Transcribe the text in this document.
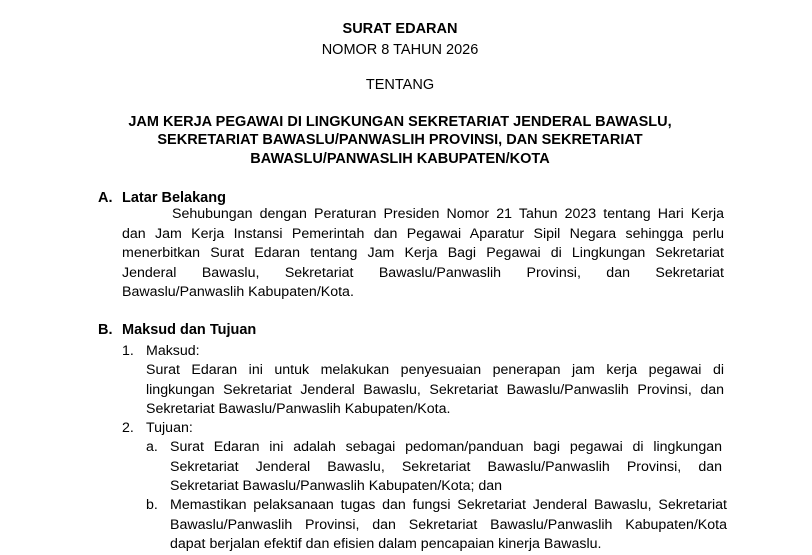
SURAT EDARAN
NOMOR 8 TAHUN 2026
TENTANG
JAM KERJA PEGAWAI DI LINGKUNGAN SEKRETARIAT JENDERAL BAWASLU,
SEKRETARIAT BAWASLU/PANWASLIH PROVINSI, DAN SEKRETARIAT
BAWASLU/PANWASLIH KABUPATEN/KOTA
A. Latar Belakang
Sehubungan dengan Peraturan Presiden Nomor 21 Tahun 2023 tentang Hari Kerja
dan Jam Kerja Instansi Pemerintah dan Pegawai Aparatur Sipil Negara sehingga perlu
menerbitkan Surat Edaran tentang Jam Kerja Bagi Pegawai di Lingkungan Sekretariat
Jenderal Bawaslu, Sekretariat Bawaslu/Panwaslih Provinsi, dan Sekretariat
Bawaslu/Panwaslih Kabupaten/Kota.
B. Maksud dan Tujuan
1. Maksud:
Surat Edaran ini untuk melakukan penyesuaian penerapan jam kerja pegawai di
lingkungan Sekretariat Jenderal Bawaslu, Sekretariat Bawaslu/Panwaslih Provinsi, dan
Sekretariat Bawaslu/Panwaslih Kabupaten/Kota.
2. Tujuan:
a. Surat Edaran ini adalah sebagai pedoman/panduan bagi pegawai di lingkungan
Sekretariat Jenderal Bawaslu, Sekretariat Bawaslu/Panwaslih Provinsi, dan
Sekretariat Bawaslu/Panwaslih Kabupaten/Kota; dan
b. Memastikan pelaksanaan tugas dan fungsi Sekretariat Jenderal Bawaslu, Sekretariat
Bawaslu/Panwaslih Provinsi, dan Sekretariat Bawaslu/Panwaslih Kabupaten/Kota
dapat berjalan efektif dan efisien dalam pencapaian kinerja Bawaslu.
